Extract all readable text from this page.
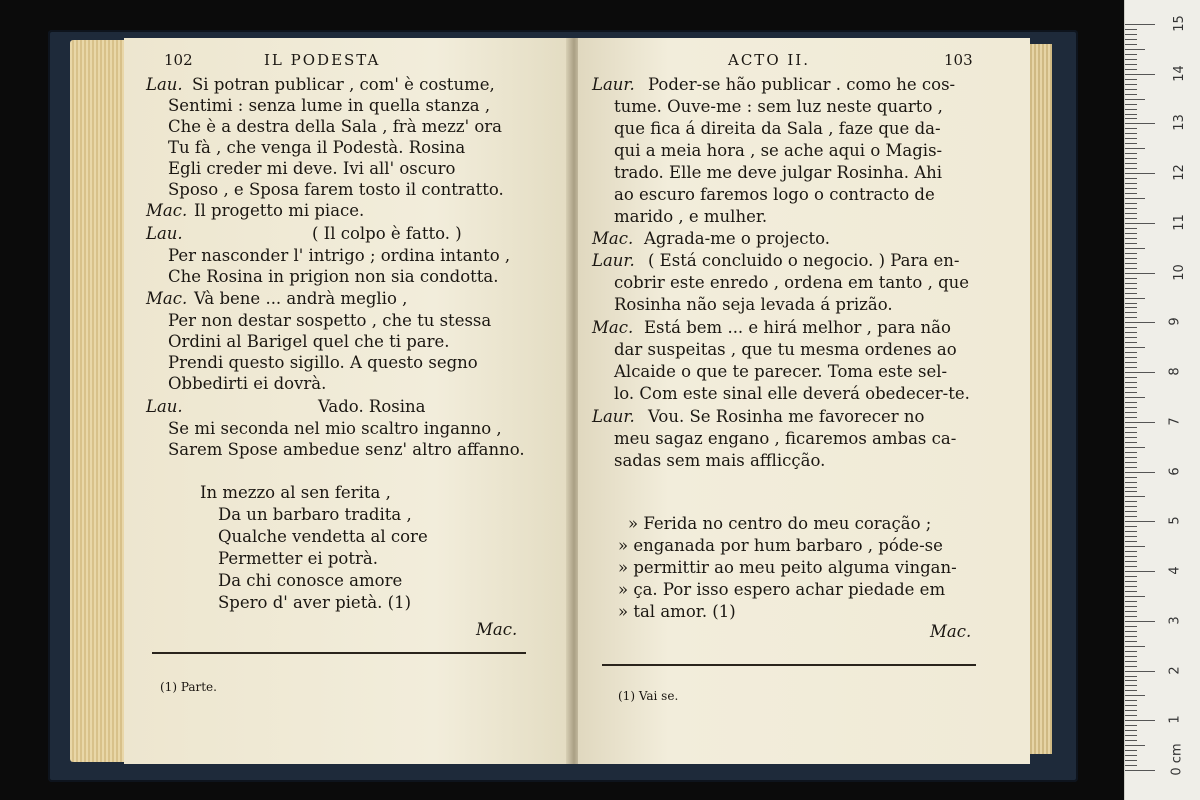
102	IL PODESTA
Lau. Si potran publicar , com' è costume,
Sentimi : senza lume in quella stanza ,
Che è a destra della Sala , frà mezz' ora
Tu fà , che venga il Podestà. Rosina
Egli creder mi deve. Ivi all' oscuro
Sposo , e Sposa farem tosto il contratto.
Mac. Il progetto mi piace.
Lau.	( Il colpo è fatto. )
Per nasconder l' intrigo ; ordina intanto ,
Che Rosina in prigion non sia condotta.
Mac. Và bene ... andrà meglio ,
Per non destar sospetto , che tu stessa
Ordini al Barigel quel che ti pare.
Prendi questo sigillo. A questo segno
Obbedirti ei dovrà.
Lau.	Vado. Rosina
Se mi seconda nel mio scaltro inganno ,
Sarem Spose ambedue senz' altro affanno.
In mezzo al sen ferita ,
Da un barbaro tradita ,
Qualche vendetta al core
Permetter ei potrà.
Da chi conosce amore
Spero d' aver pietà. (1)
Mac.
(1) Parte.
ACTO II.	103
Laur. Poder-se hão publicar . como he cos-
tume. Ouve-me : sem luz neste quarto ,
que fica á direita da Sala , faze que da-
qui a meia hora , se ache aqui o Magis-
trado. Elle me deve julgar Rosinha. Ahi
ao escuro faremos logo o contracto de
marido , e mulher.
Mac. Agrada-me o projecto.
Laur. ( Está concluido o negocio. ) Para en-
cobrir este enredo , ordena em tanto , que
Rosinha não seja levada á prizão.
Mac. Está bem ... e hirá melhor , para não
dar suspeitas , que tu mesma ordenes ao
Alcaide o que te parecer. Toma este sel-
lo. Com este sinal elle deverá obedecer-te.
Laur. Vou. Se Rosinha me favorecer no
meu sagaz engano , ficaremos ambas ca-
sadas sem mais afflicção.
» Ferida no centro do meu coração ;
» enganada por hum barbaro , póde-se
» permittir ao meu peito alguma vingan-
» ça. Por isso espero achar piedade em
» tal amor. (1)
Mac.
(1) Vai se.
0 cm
1
2
3
4
5
6
7
8
9
10
11
12
13
14
15
